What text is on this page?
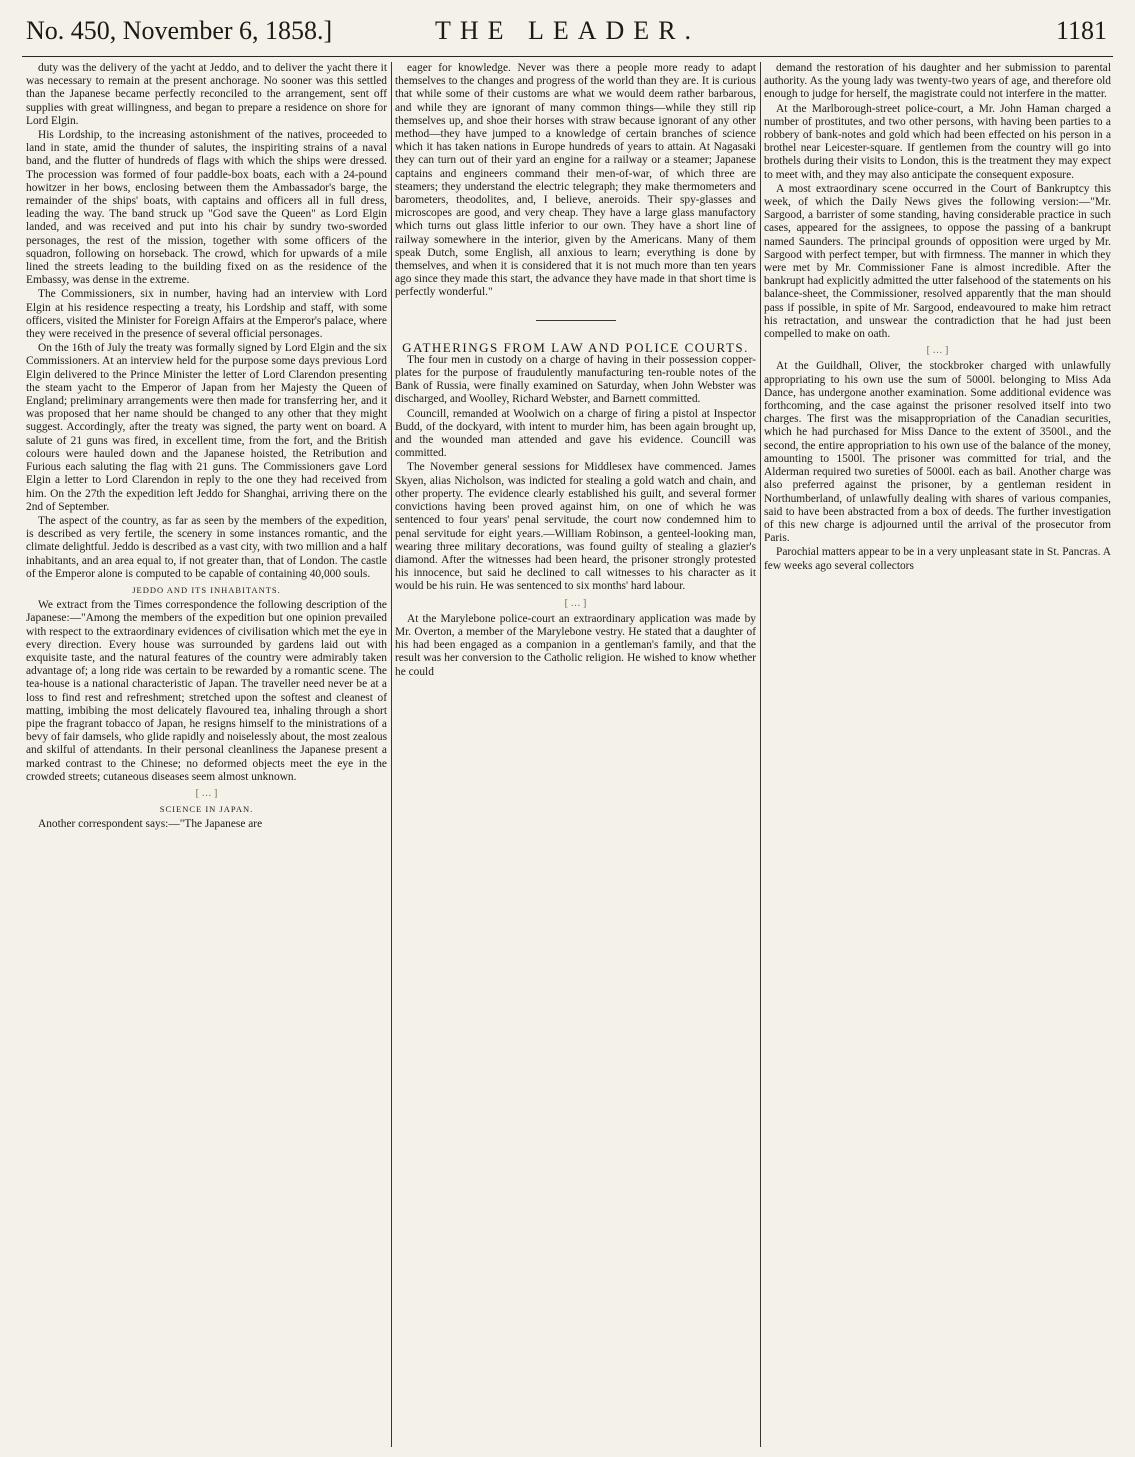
No. 450, November 6, 1858.]	THE LEADER.	1181

duty was the delivery of the yacht at Jeddo, and to deliver the yacht there it was necessary to remain at the present anchorage. No sooner was this settled than the Japanese became perfectly reconciled to the arrangement, sent off supplies with great willingness, and began to prepare a residence on shore for Lord Elgin.

His Lordship, to the increasing astonishment of the natives, proceeded to land in state, amid the thunder of salutes, the inspiriting strains of a naval band, and the flutter of hundreds of flags with which the ships were dressed. The procession was formed of four paddle-box boats, each with a 24-pound howitzer in her bows, enclosing between them the Ambassador's barge, the remainder of the ships' boats, with captains and officers all in full dress, leading the way. The band struck up "God save the Queen" as Lord Elgin landed, and was received and put into his chair by sundry two-sworded personages, the rest of the mission, together with some officers of the squadron, following on horseback. The crowd, which for upwards of a mile lined the streets leading to the building fixed on as the residence of the Embassy, was dense in the extreme.

The Commissioners, six in number, having had an interview with Lord Elgin at his residence respecting a treaty, his Lordship and staff, with some officers, visited the Minister for Foreign Affairs at the Emperor's palace, where they were received in the presence of several official personages.

On the 16th of July the treaty was formally signed by Lord Elgin and the six Commissioners. At an interview held for the purpose some days previous Lord Elgin delivered to the Prince Minister the letter of Lord Clarendon presenting the steam yacht to the Emperor of Japan from her Majesty the Queen of England; preliminary arrangements were then made for transferring her, and it was proposed that her name should be changed to any other that they might suggest. Accordingly, after the treaty was signed, the party went on board. A salute of 21 guns was fired, in excellent time, from the fort, and the British colours were hauled down and the Japanese hoisted, the Retribution and Furious each saluting the flag with 21 guns. The Commissioners gave Lord Elgin a letter to Lord Clarendon in reply to the one they had received from him. On the 27th the expedition left Jeddo for Shanghai, arriving there on the 2nd of September.

The aspect of the country, as far as seen by the members of the expedition, is described as very fertile, the scenery in some instances romantic, and the climate delightful. Jeddo is described as a vast city, with two million and a half inhabitants, and an area equal to, if not greater than, that of London. The castle of the Emperor alone is computed to be capable of containing 40,000 souls.

JEDDO AND ITS INHABITANTS.

We extract from the Times correspondence the following description of the Japanese:—"Among the members of the expedition but one opinion prevailed with respect to the extraordinary evidences of civilisation which met the eye in every direction. Every house was surrounded by gardens laid out with exquisite taste, and the natural features of the country were admirably taken advantage of; a long ride was certain to be rewarded by a romantic scene. The tea-house is a national characteristic of Japan. The traveller need never be at a loss to find rest and refreshment; stretched upon the softest and cleanest of matting, imbibing the most delicately flavoured tea, inhaling through a short pipe the fragrant tobacco of Japan, he resigns himself to the ministrations of a bevy of fair damsels, who glide rapidly and noiselessly about, the most zealous and skilful of attendants. In their personal cleanliness the Japanese present a marked contrast to the Chinese; no deformed objects meet the eye in the crowded streets; cutaneous diseases seem almost unknown.

[ … ]
SCIENCE IN JAPAN.

Another correspondent says:—"The Japanese are

eager for knowledge. Never was there a people more ready to adapt themselves to the changes and progress of the world than they are. It is curious that while some of their customs are what we would deem rather barbarous, and while they are ignorant of many common things—while they still rip themselves up, and shoe their horses with straw because ignorant of any other method—they have jumped to a knowledge of certain branches of science which it has taken nations in Europe hundreds of years to attain. At Nagasaki they can turn out of their yard an engine for a railway or a steamer; Japanese captains and engineers command their men-of-war, of which three are steamers; they understand the electric telegraph; they make thermometers and barometers, theodolites, and, I believe, aneroids. Their spy-glasses and microscopes are good, and very cheap. They have a large glass manufactory which turns out glass little inferior to our own. They have a short line of railway somewhere in the interior, given by the Americans. Many of them speak Dutch, some English, all anxious to learn; everything is done by themselves, and when it is considered that it is not much more than ten years ago since they made this start, the advance they have made in that short time is perfectly wonderful."

GATHERINGS FROM LAW AND POLICE COURTS.

The four men in custody on a charge of having in their possession copper-plates for the purpose of fraudulently manufacturing ten-rouble notes of the Bank of Russia, were finally examined on Saturday, when John Webster was discharged, and Woolley, Richard Webster, and Barnett committed.

Councill, remanded at Woolwich on a charge of firing a pistol at Inspector Budd, of the dockyard, with intent to murder him, has been again brought up, and the wounded man attended and gave his evidence. Councill was committed.

The November general sessions for Middlesex have commenced. James Skyen, alias Nicholson, was indicted for stealing a gold watch and chain, and other property. The evidence clearly established his guilt, and several former convictions having been proved against him, on one of which he was sentenced to four years' penal servitude, the court now condemned him to penal servitude for eight years.—William Robinson, a genteel-looking man, wearing three military decorations, was found guilty of stealing a glazier's diamond. After the witnesses had been heard, the prisoner strongly protested his innocence, but said he declined to call witnesses to his character as it would be his ruin. He was sentenced to six months' hard labour.

[ … ]

At the Marylebone police-court an extraordinary application was made by Mr. Overton, a member of the Marylebone vestry. He stated that a daughter of his had been engaged as a companion in a gentleman's family, and that the result was her conversion to the Catholic religion. He wished to know whether he could

demand the restoration of his daughter and her submission to parental authority. As the young lady was twenty-two years of age, and therefore old enough to judge for herself, the magistrate could not interfere in the matter.

At the Marlborough-street police-court, a Mr. John Haman charged a number of prostitutes, and two other persons, with having been parties to a robbery of bank-notes and gold which had been effected on his person in a brothel near Leicester-square. If gentlemen from the country will go into brothels during their visits to London, this is the treatment they may expect to meet with, and they may also anticipate the consequent exposure.

A most extraordinary scene occurred in the Court of Bankruptcy this week, of which the Daily News gives the following version:—"Mr. Sargood, a barrister of some standing, having considerable practice in such cases, appeared for the assignees, to oppose the passing of a bankrupt named Saunders. The principal grounds of opposition were urged by Mr. Sargood with perfect temper, but with firmness. The manner in which they were met by Mr. Commissioner Fane is almost incredible. After the bankrupt had explicitly admitted the utter falsehood of the statements on his balance-sheet, the Commissioner, resolved apparently that the man should pass if possible, in spite of Mr. Sargood, endeavoured to make him retract his retractation, and unswear the contradiction that he had just been compelled to make on oath.

[ … ]

At the Guildhall, Oliver, the stockbroker charged with unlawfully appropriating to his own use the sum of 5000l. belonging to Miss Ada Dance, has undergone another examination. Some additional evidence was forthcoming, and the case against the prisoner resolved itself into two charges. The first was the misappropriation of the Canadian securities, which he had purchased for Miss Dance to the extent of 3500l., and the second, the entire appropriation to his own use of the balance of the money, amounting to 1500l. The prisoner was committed for trial, and the Alderman required two sureties of 5000l. each as bail. Another charge was also preferred against the prisoner, by a gentleman resident in Northumberland, of unlawfully dealing with shares of various companies, said to have been abstracted from a box of deeds. The further investigation of this new charge is adjourned until the arrival of the prosecutor from Paris.

Parochial matters appear to be in a very unpleasant state in St. Pancras. A few weeks ago several collectors
